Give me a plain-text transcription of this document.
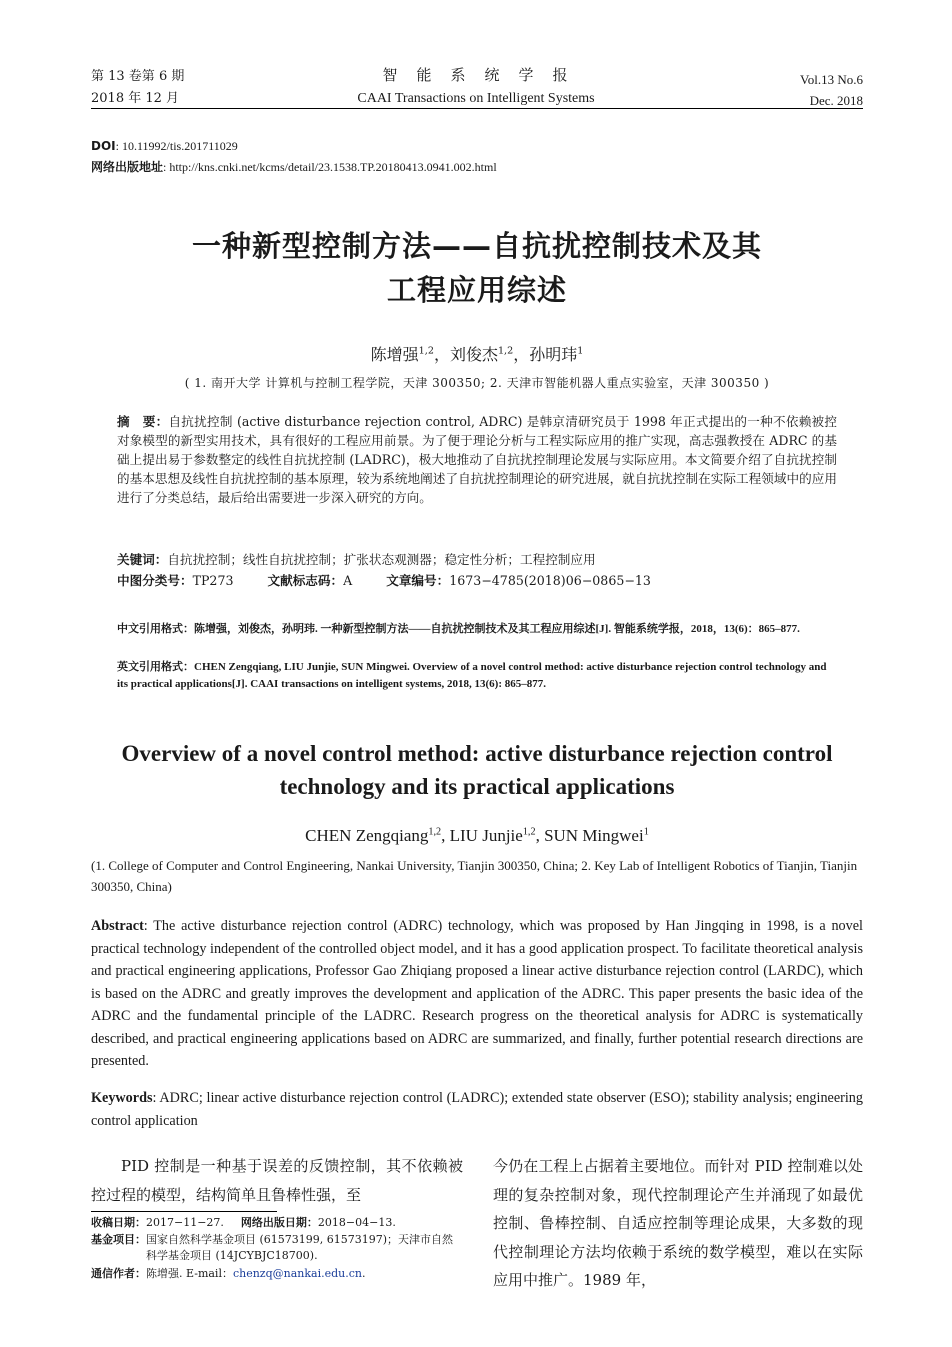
第 13 卷第 6 期
2018 年 12 月
智　能　系　统　学　报
CAAI Transactions on Intelligent Systems
Vol.13 No.6
Dec. 2018
DOI: 10.11992/tis.201711029
网络出版地址: http://kns.cnki.net/kcms/detail/23.1538.TP.20180413.0941.002.html
一种新型控制方法——自抗扰控制技术及其
工程应用综述
陈增强$^{1,2}$，刘俊杰$^{1,2}$，孙明玮$^1$
( 1. 南开大学 计算机与控制工程学院，天津 300350; 2. 天津市智能机器人重点实验室，天津 300350 )
摘　要：自抗扰控制 (active disturbance rejection control, ADRC) 是韩京清研究员于 1998 年正式提出的一种不依赖被控对象模型的新型实用技术，具有很好的工程应用前景。为了便于理论分析与工程实际应用的推广实现，高志强教授在 ADRC 的基础上提出易于参数整定的线性自抗扰控制 (LADRC)，极大地推动了自抗扰控制理论发展与实际应用。本文简要介绍了自抗扰控制的基本思想及线性自抗扰控制的基本原理，较为系统地阐述了自抗扰控制理论的研究进展，就自抗扰控制在实际工程领域中的应用进行了分类总结，最后给出需要进一步深入研究的方向。
关键词：自抗扰控制；线性自抗扰控制；扩张状态观测器；稳定性分析；工程控制应用
中图分类号：TP273	文献标志码：A	文章编号：1673−4785(2018)06−0865−13
中文引用格式：陈增强，刘俊杰，孙明玮. 一种新型控制方法——自抗扰控制技术及其工程应用综述[J]. 智能系统学报，2018，13(6)：865–877.
英文引用格式：CHEN Zengqiang, LIU Junjie, SUN Mingwei. Overview of a novel control method: active disturbance rejection control technology and its practical applications[J]. CAAI transactions on intelligent systems, 2018, 13(6): 865–877.
Overview of a novel control method: active disturbance rejection control
technology and its practical applications
CHEN Zengqiang$^{1,2}$, LIU Junjie$^{1,2}$, SUN Mingwei$^1$
(1. College of Computer and Control Engineering, Nankai University, Tianjin 300350, China; 2. Key Lab of Intelligent Robotics of Tianjin, Tianjin 300350, China)
Abstract: The active disturbance rejection control (ADRC) technology, which was proposed by Han Jingqing in 1998, is a novel practical technology independent of the controlled object model, and it has a good application prospect. To facilitate theoretical analysis and practical engineering applications, Professor Gao Zhiqiang proposed a linear active disturbance rejection control (LARDC), which is based on the ADRC and greatly improves the development and application of the ADRC. This paper presents the basic idea of the ADRC and the fundamental principle of the LADRC. Research progress on the theoretical analysis for ADRC is systematically described, and practical engineering applications based on ADRC are summarized, and finally, further potential research directions are presented.
Keywords: ADRC; linear active disturbance rejection control (LADRC); extended state observer (ESO); stability analysis; engineering control application
PID 控制是一种基于误差的反馈控制，其不依赖被控过程的模型，结构简单且鲁棒性强，至
今仍在工程上占据着主要地位。而针对 PID 控制难以处理的复杂控制对象，现代控制理论产生并涌现了如最优控制、鲁棒控制、自适应控制等理论成果，大多数的现代控制理论方法均依赖于系统的数学模型，难以在实际应用中推广。1989 年，
收稿日期：2017−11−27. 网络出版日期：2018−04−13.
基金项目：国家自然科学基金项目 (61573199, 61573197)；天津市自然科学基金项目 (14JCYBJC18700).
通信作者：陈增强. E-mail：chenzq@nankai.edu.cn.
